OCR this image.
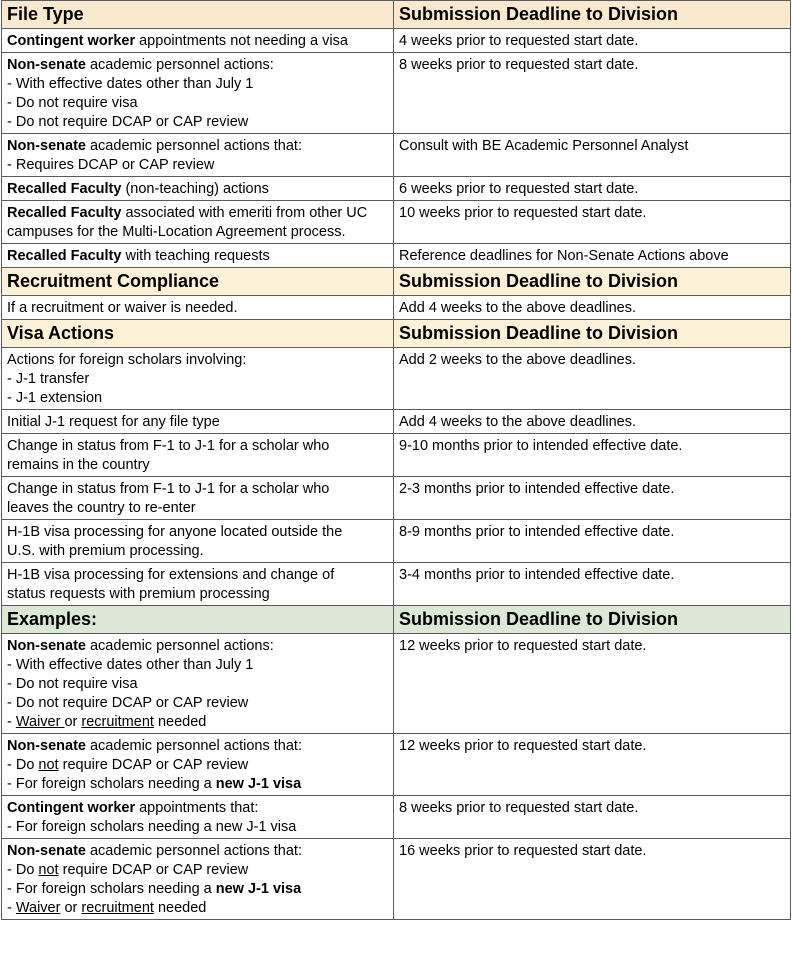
File Type	Submission Deadline to Division
Contingent worker appointments not needing a visa	4 weeks prior to requested start date.

Non-senate academic personnel actions:
- With effective dates other than July 1
- Do not require visa
- Do not require DCAP or CAP review	8 weeks prior to requested start date.

Non-senate academic personnel actions that:
- Requires DCAP or CAP review	Consult with BE Academic Personnel Analyst
Recalled Faculty (non-teaching) actions	6 weeks prior to requested start date.
Recalled Faculty associated with emeriti from other UC campuses for the Multi-Location Agreement process.	10 weeks prior to requested start date.
Recalled Faculty with teaching requests	Reference deadlines for Non-Senate Actions above
Recruitment Compliance	Submission Deadline to Division
If a recruitment or waiver is needed.	Add 4 weeks to the above deadlines.
Visa Actions	Submission Deadline to Division

Actions for foreign scholars involving:
- J-1 transfer
- J-1 extension	Add 2 weeks to the above deadlines.

Initial J-1 request for any file type	Add 4 weeks to the above deadlines.

Change in status from F-1 to J-1 for a scholar who
remains in the country	9-10 months prior to intended effective date.

Change in status from F-1 to J-1 for a scholar who
leaves the country to re-enter	2-3 months prior to intended effective date.

H-1B visa processing for anyone located outside the
U.S. with premium processing.	8-9 months prior to intended effective date.

H-1B visa processing for extensions and change of
status requests with premium processing	3-4 months prior to intended effective date.
Examples:	Submission Deadline to Division

Non-senate academic personnel actions:
- With effective dates other than July 1
- Do not require visa
- Do not require DCAP or CAP review
- Waiver or recruitment needed	12 weeks prior to requested start date.

Non-senate academic personnel actions that:
- Do not require DCAP or CAP review
- For foreign scholars needing a new J-1 visa	12 weeks prior to requested start date.

Contingent worker appointments that:
- For foreign scholars needing a new J-1 visa	8 weeks prior to requested start date.

Non-senate academic personnel actions that:
- Do not require DCAP or CAP review
- For foreign scholars needing a new J-1 visa
- Waiver or recruitment needed	16 weeks prior to requested start date.
